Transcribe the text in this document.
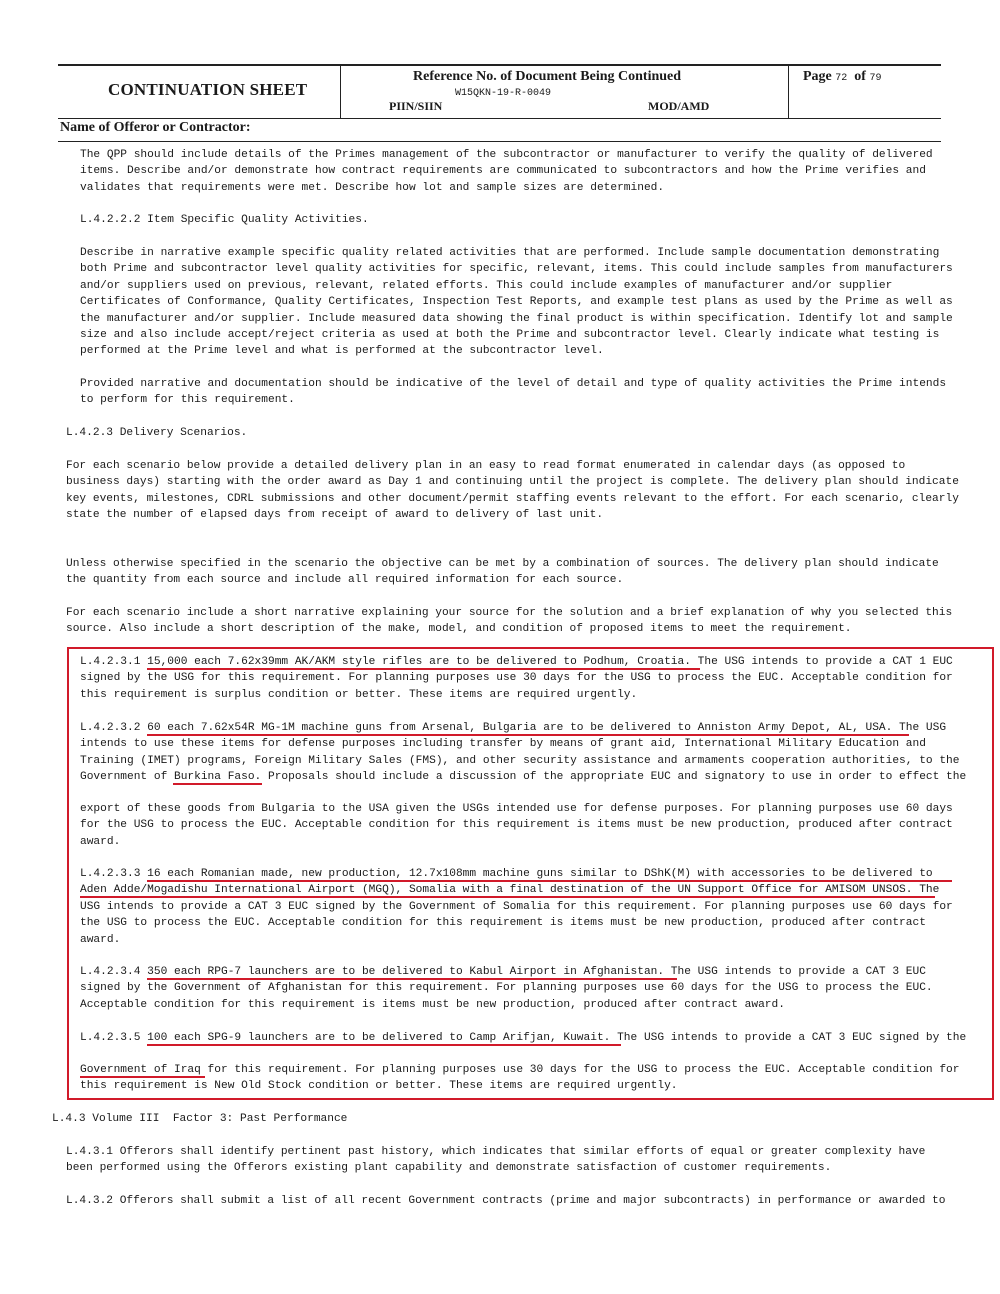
CONTINUATION SHEET
Reference No. of Document Being Continued
W15QKN-19-R-0049
PIIN/SIIN	MOD/AMD
Page 72 of 79
Name of Offeror or Contractor:
The QPP should include details of the Primes management of the subcontractor or manufacturer to verify the quality of delivered
items. Describe and/or demonstrate how contract requirements are communicated to subcontractors and how the Prime verifies and
validates that requirements were met. Describe how lot and sample sizes are determined.
L.4.2.2.2 Item Specific Quality Activities.
Describe in narrative example specific quality related activities that are performed. Include sample documentation demonstrating
both Prime and subcontractor level quality activities for specific, relevant, items. This could include samples from manufacturers
and/or suppliers used on previous, relevant, related efforts. This could include examples of manufacturer and/or supplier
Certificates of Conformance, Quality Certificates, Inspection Test Reports, and example test plans as used by the Prime as well as
the manufacturer and/or supplier. Include measured data showing the final product is within specification. Identify lot and sample
size and also include accept/reject criteria as used at both the Prime and subcontractor level. Clearly indicate what testing is
performed at the Prime level and what is performed at the subcontractor level.
Provided narrative and documentation should be indicative of the level of detail and type of quality activities the Prime intends
to perform for this requirement.
L.4.2.3 Delivery Scenarios.
For each scenario below provide a detailed delivery plan in an easy to read format enumerated in calendar days (as opposed to
business days) starting with the order award as Day 1 and continuing until the project is complete. The delivery plan should indicate
key events, milestones, CDRL submissions and other document/permit staffing events relevant to the effort. For each scenario, clearly
state the number of elapsed days from receipt of award to delivery of last unit.
Unless otherwise specified in the scenario the objective can be met by a combination of sources. The delivery plan should indicate
the quantity from each source and include all required information for each source.
For each scenario include a short narrative explaining your source for the solution and a brief explanation of why you selected this
source. Also include a short description of the make, model, and condition of proposed items to meet the requirement.
L.4.2.3.1 15,000 each 7.62x39mm AK/AKM style rifles are to be delivered to Podhum, Croatia. The USG intends to provide a CAT 1 EUC
signed by the USG for this requirement. For planning purposes use 30 days for the USG to process the EUC. Acceptable condition for
this requirement is surplus condition or better. These items are required urgently.
L.4.2.3.2 60 each 7.62x54R MG-1M machine guns from Arsenal, Bulgaria are to be delivered to Anniston Army Depot, AL, USA. The USG
intends to use these items for defense purposes including transfer by means of grant aid, International Military Education and
Training (IMET) programs, Foreign Military Sales (FMS), and other security assistance and armaments cooperation authorities, to the
Government of Burkina Faso. Proposals should include a discussion of the appropriate EUC and signatory to use in order to effect the
export of these goods from Bulgaria to the USA given the USGs intended use for defense purposes. For planning purposes use 60 days
for the USG to process the EUC. Acceptable condition for this requirement is items must be new production, produced after contract
award.
L.4.2.3.3 16 each Romanian made, new production, 12.7x108mm machine guns similar to DShK(M) with accessories to be delivered to
Aden Adde/Mogadishu International Airport (MGQ), Somalia with a final destination of the UN Support Office for AMISOM UNSOS. The
USG intends to provide a CAT 3 EUC signed by the Government of Somalia for this requirement. For planning purposes use 60 days for
the USG to process the EUC. Acceptable condition for this requirement is items must be new production, produced after contract
award.
L.4.2.3.4 350 each RPG-7 launchers are to be delivered to Kabul Airport in Afghanistan. The USG intends to provide a CAT 3 EUC
signed by the Government of Afghanistan for this requirement. For planning purposes use 60 days for the USG to process the EUC.
Acceptable condition for this requirement is items must be new production, produced after contract award.
L.4.2.3.5 100 each SPG-9 launchers are to be delivered to Camp Arifjan, Kuwait. The USG intends to provide a CAT 3 EUC signed by the
Government of Iraq for this requirement. For planning purposes use 30 days for the USG to process the EUC. Acceptable condition for
this requirement is New Old Stock condition or better. These items are required urgently.
L.4.3 Volume III  Factor 3: Past Performance
L.4.3.1 Offerors shall identify pertinent past history, which indicates that similar efforts of equal or greater complexity have
been performed using the Offerors existing plant capability and demonstrate satisfaction of customer requirements.
L.4.3.2 Offerors shall submit a list of all recent Government contracts (prime and major subcontracts) in performance or awarded to
